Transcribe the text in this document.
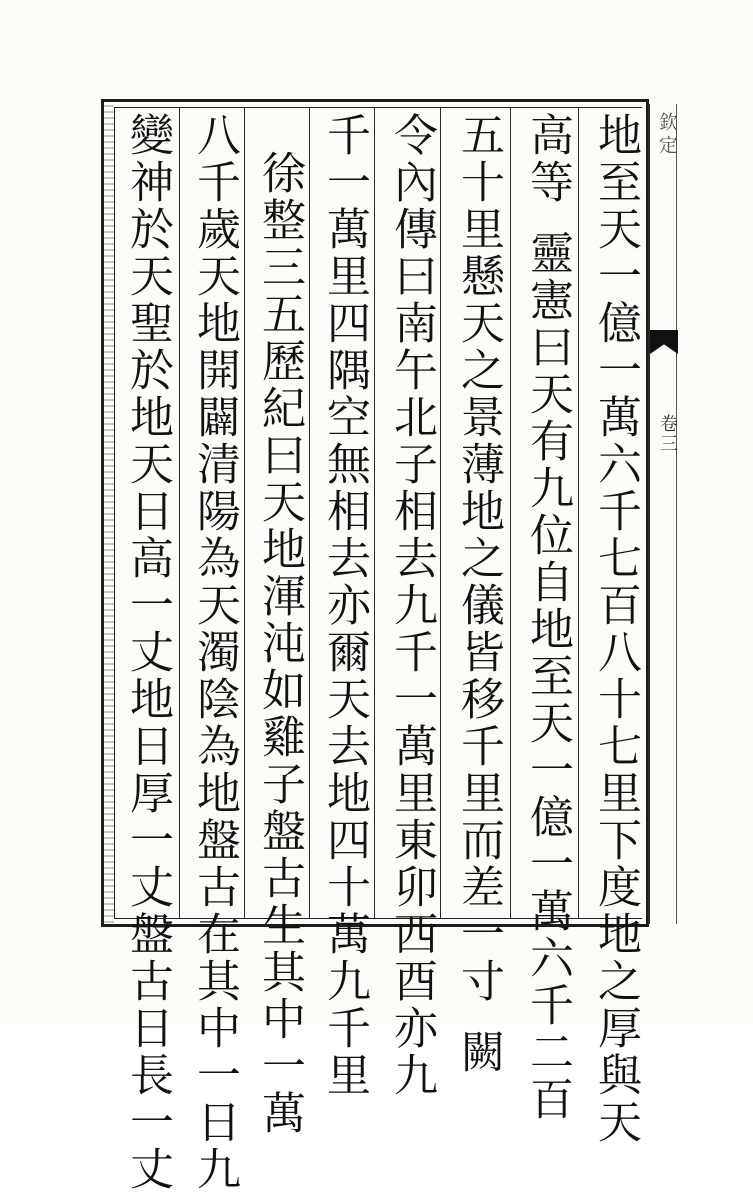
欽定
卷三
地至天一億一萬六千七百八十七里下度地之厚與天
高等靈憲曰天有九位自地至天一億一萬六千二百
五十里懸天之景薄地之儀皆移千里而差一寸闕
令內傳曰南午北子相去九千一萬里東卯西酉亦九
千一萬里四隅空無相去亦爾天去地四十萬九千里
徐整三五歷紀曰天地渾沌如雞子盤古生其中一萬
八千歲天地開闢清陽為天濁陰為地盤古在其中一日九
變神於天聖於地天日高一丈地日厚一丈盤古日長一丈
